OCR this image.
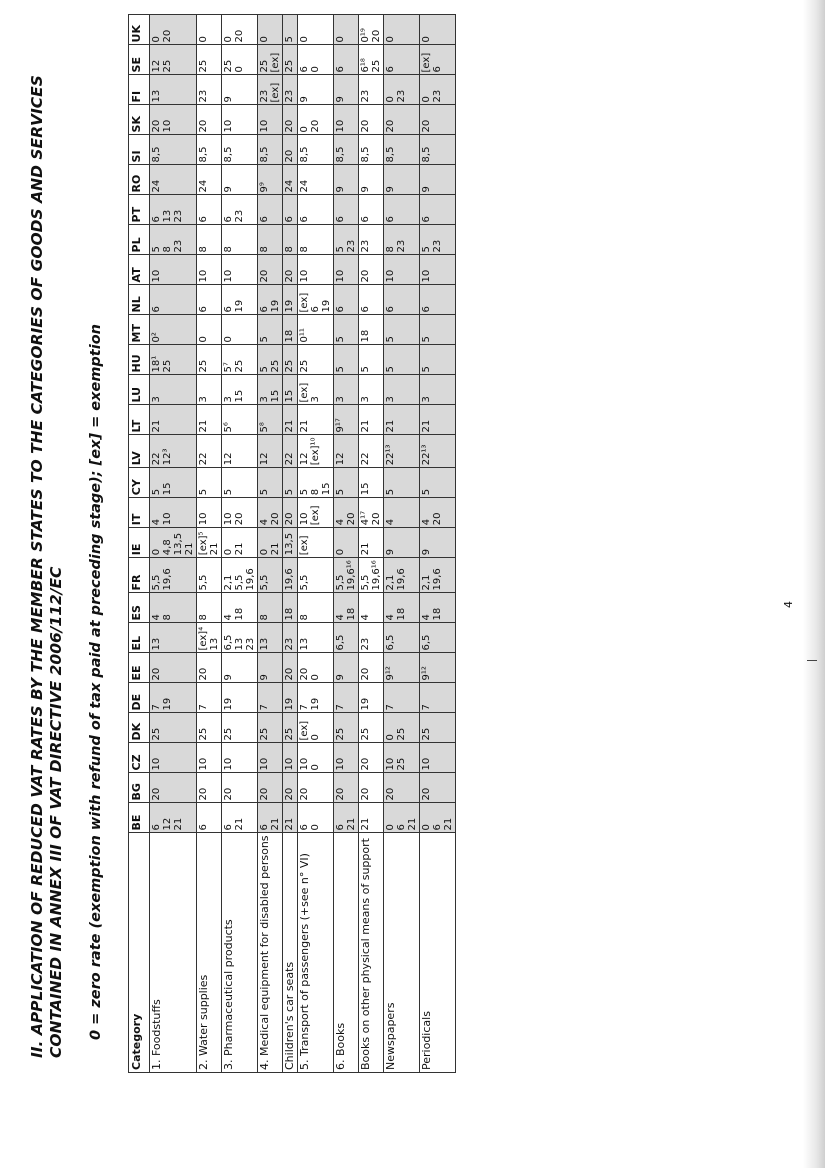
II. APPLICATION OF REDUCED VAT RATES BY THE MEMBER STATES TO THE CATEGORIES OF GOODS AND SERVICES CONTAINED IN ANNEX III OF VAT DIRECTIVE 2006/112/EC 0 = zero rate (exemption with refund of tax paid at preceding stage); [ex] = exemption
Category	BE	BG	CZ	DK	DE	EE	EL	ES	FR	IE	IT	CY	LV	LT	LU	HU	MT	NL	AT	PL	PT	RO	SI	SK	FI	SE	UK
1. Foodstuffs	6 12 21	20	10	25	7 19	20	13	4 8	5,5 19,6	0 4,8 13,5 21	4 10	5 15	22 12³	21	3	18¹ 25	0²	6	10	5 8 23	6 13 23	24	8,5	20 10	13	12 25	0 20

2. Water supplies	6	20	10	25	7	20	[ex]⁴ 13	8	5,5	[ex]⁵ 21	10	5	22	21	3	25	0	6	10	8	6	24	8,5	20	23	25	0

3. Pharmaceutical products	6 21	20	10	25	19	9	6,5 13 23	4 18	2,1 5,5 19,6	0 21	10 20	5	12	5⁶	3 15	5⁷ 25	0	6 19	10	8	6 23	9	8,5	10	9	25 0	0 20

4. Medical equipment for disabled persons	6 21	20	10	25	7	9	13	8	5,5	0 21	4 20	5	12	5⁸	3 15	5 25	5	6 19	20	8	6	9⁹	8,5	10	23 [ex]	25 [ex]	0

Children's car seats	21	20	10	25	19	20	23	18	19,6	13,5	20	5	22	21	15	25	18	19	20	8	6	24	20	20	23	25	5

5. Transport of passengers (+see n° VI)	6 0	20	10 0	[ex] 0	7 19	20 0	13	8	5,5	[ex]	10 [ex]	5 8 15	12 [ex]¹⁰	21	[ex] 3	25	0¹¹	[ex] 6 19	10	8	6	24	8,5	0 20	9	6 0	0

6. Books	6 21	20	10	25	7	9	6,5	4 18	5,5 19,6¹⁶	0	4 20	5	12	9¹⁷	3	5	5	6	10	5 23	6	9	8,5	10	9	6	0

Books on other physical means of support	21	20	20	25	19	20	23	4	5,5 19,6¹⁶	21	4¹⁷ 20	15	22	21	3	5	18	6	20	23	6	9	8,5	20	23	6¹⁸ 25	0¹⁹ 20

Newspapers	0 6 21	20	10 25	0 25	7	9¹²	6,5	4 18	2,1 19,6	9	4	5	22¹³	21	3	5	5	6	10	8 23	6	9	8,5	20	0 23	6	0

Periodicals	0 6 21	20	10	25	7	9¹²	6,5	4 18	2,1 19,6	9	4 20	5	22¹³	21	3	5	5	6	10	5 23	6	9	8,5	20	0 23	[ex] 6	0
4
